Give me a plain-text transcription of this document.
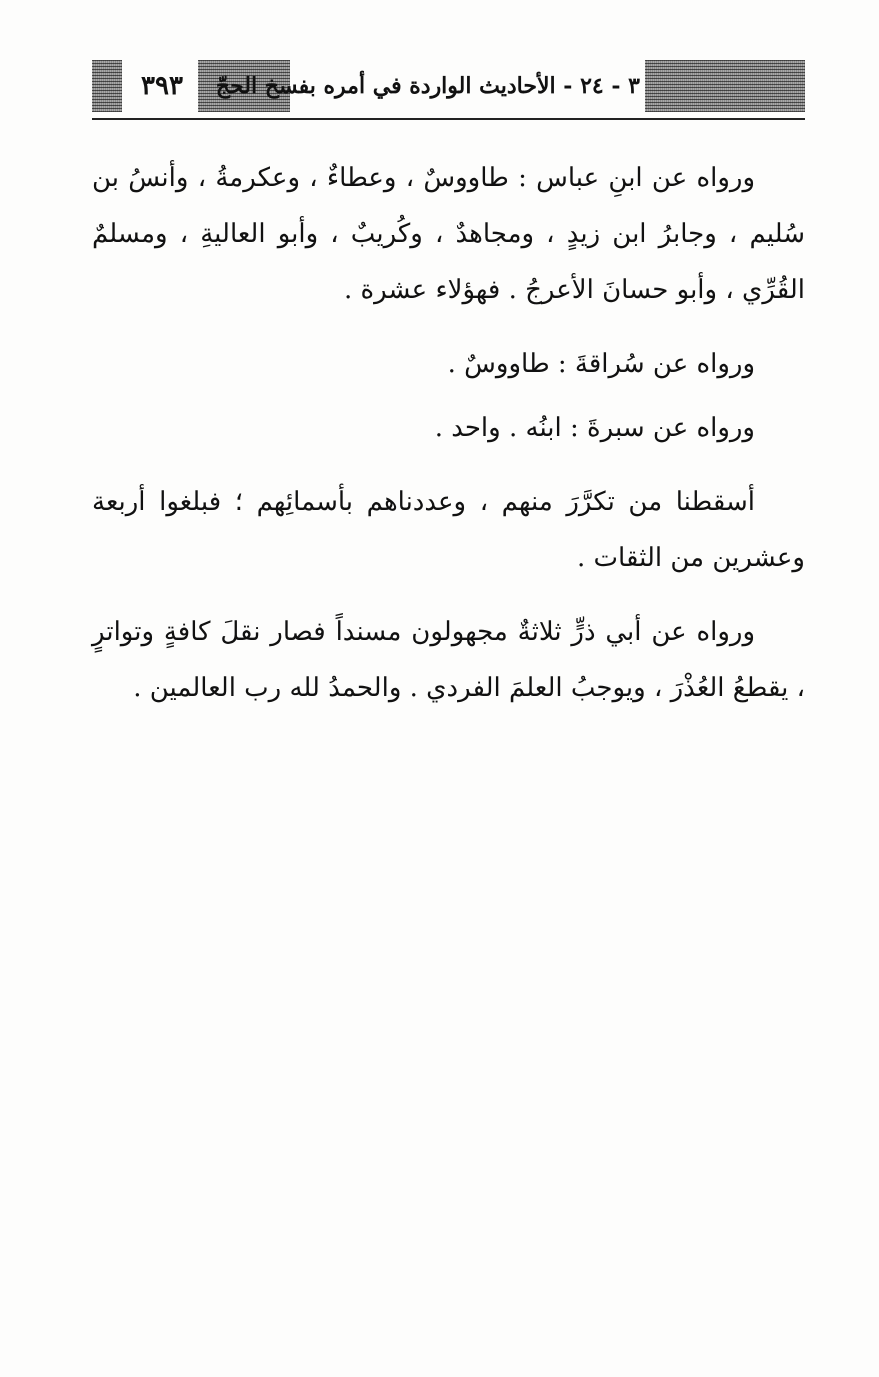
٣٩٣	٣ - ٢٤ - الأحاديث الواردة في أمره بفسخ الحجّ

ورواه عن ابنِ عباس : طاووسٌ ، وعطاءٌ ، وعكرمةُ ، وأنسُ بن سُليم ، وجابرُ ابن زيدٍ ، ومجاهدٌ ، وكُريبٌ ، وأبو العاليةِ ، ومسلمٌ القُرِّي ، وأبو حسانَ الأعرجُ . فهؤلاء عشرة .

ورواه عن سُراقةَ : طاووسٌ .

ورواه عن سبرةَ : ابنُه . واحد .

أسقطنا من تكرَّرَ منهم ، وعددناهم بأسمائِهم ؛ فبلغوا أربعة وعشرين من الثقات .

ورواه عن أبي ذرٍّ ثلاثةٌ مجهولون مسنداً فصار نقلَ كافةٍ وتواترٍ ، يقطعُ العُذْرَ ، ويوجبُ العلمَ الفردي . والحمدُ لله رب العالمين .
